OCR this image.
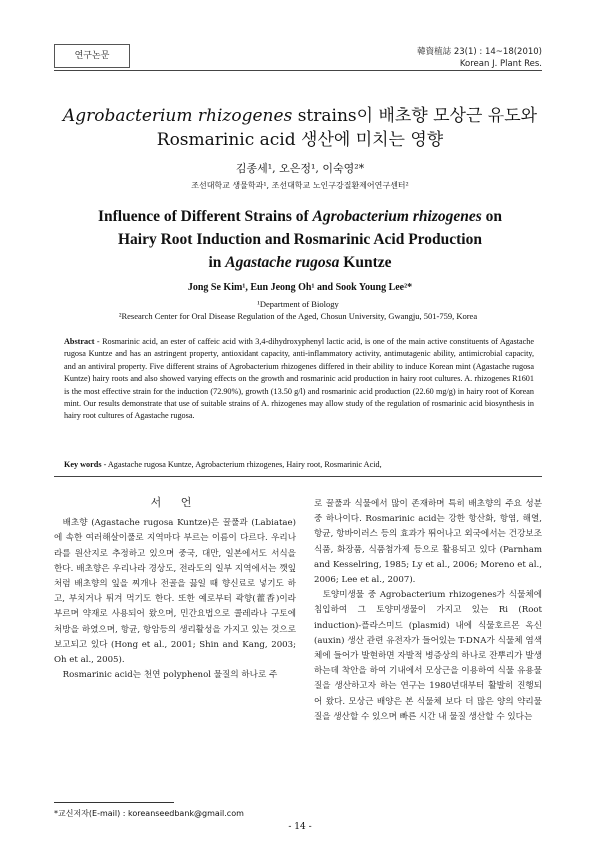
연구논문	韓資植誌 23(1) : 14~18(2010)
Korean J. Plant Res.
Agrobacterium rhizogenes strains이 배초향 모상근 유도와
Rosmarinic acid 생산에 미치는 영향
김종세¹, 오은정¹, 이숙영²*
조선대학교 생물학과¹, 조선대학교 노인구강질환제어연구센터²
Influence of Different Strains of Agrobacterium rhizogenes on
Hairy Root Induction and Rosmarinic Acid Production
in Agastache rugosa Kuntze
Jong Se Kim¹, Eun Jeong Oh¹ and Sook Young Lee²*
¹Department of Biology
²Research Center for Oral Disease Regulation of the Aged, Chosun University, Gwangju, 501-759, Korea
Abstract - Rosmarinic acid, an ester of caffeic acid with 3,4-dihydroxyphenyl lactic acid, is one of the main active constituents of Agastache rugosa Kuntze and has an astringent property, antioxidant capacity, anti-inflammatory activity, antimutagenic ability, antimicrobial capacity, and an antiviral property. Five different strains of Agrobacterium rhizogenes differed in their ability to induce Korean mint (Agastache rugosa Kuntze) hairy roots and also showed varying effects on the growth and rosmarinic acid production in hairy root cultures. A. rhizogenes R1601 is the most effective strain for the induction (72.90%), growth (13.50 g/l) and rosmarinic acid production (22.60 mg/g) in hairy root of Korean mint. Our results demonstrate that use of suitable strains of A. rhizogenes may allow study of the regulation of rosmarinic acid biosynthesis in hairy root cultures of Agastache rugosa.
Key words - Agastache rugosa Kuntze, Agrobacterium rhizogenes, Hairy root, Rosmarinic Acid,
서 언

배초향 (Agastache rugosa Kuntze)은 꿀풀과 (Labiatae)에 속한 여러해살이풀로 지역마다 부르는 이름이 다르다. 우리나라를 원산지로 추정하고 있으며 중국, 대만, 일본에서도 서식을 한다. 배초향은 우리나라 경상도, 전라도의 일부 지역에서는 깻잎처럼 배초향의 잎을 찌개나 전골을 끓일 때 향신료로 넣기도 하고, 부치거나 튀겨 먹기도 한다. 또한 예로부터 곽향(藿香)이라 부르며 약재로 사용되어 왔으며, 민간요법으로 콜레라나 구토에 처방을 하였으며, 항균, 항암등의 생리활성을 가지고 있는 것으로 보고되고 있다 (Hong et al., 2001; Shin and Kang, 2003; Oh et al., 2005).

Rosmarinic acid는 천연 polyphenol 물질의 하나로 주

로 꿀풀과 식물에서 많이 존재하며 특히 배초향의 주요 성분 중 하나이다. Rosmarinic acid는 강한 항산화, 항염, 해열, 항균, 항바이러스 등의 효과가 뛰어나고 외국에서는 건강보조식품, 화장품, 식품첨가제 등으로 활용되고 있다 (Parnham and Kesselring, 1985; Ly et al., 2006; Moreno et al., 2006; Lee et al., 2007).

토양미생물 중 Agrobacterium rhizogenes가 식물체에 침입하여 그 토양미생물이 가지고 있는 Ri (Root induction)-플라스미드 (plasmid) 내에 식물호르몬 옥신 (auxin) 생산 관련 유전자가 들어있는 T-DNA가 식물체 염색체에 들어가 발현하면 자발적 병증상의 하나로 잔뿌리가 발생하는데 착안을 하여 기내에서 모상근을 이용하여 식물 유용물질을 생산하고자 하는 연구는 1980년대부터 활발히 진행되어 왔다. 모상근 배양은 본 식물체 보다 더 많은 양의 약리물질을 생산할 수 있으며 빠른 시간 내 물질 생산할 수 있다는

*교신저자(E-mail) : koreanseedbank@gmail.com
- 14 -
